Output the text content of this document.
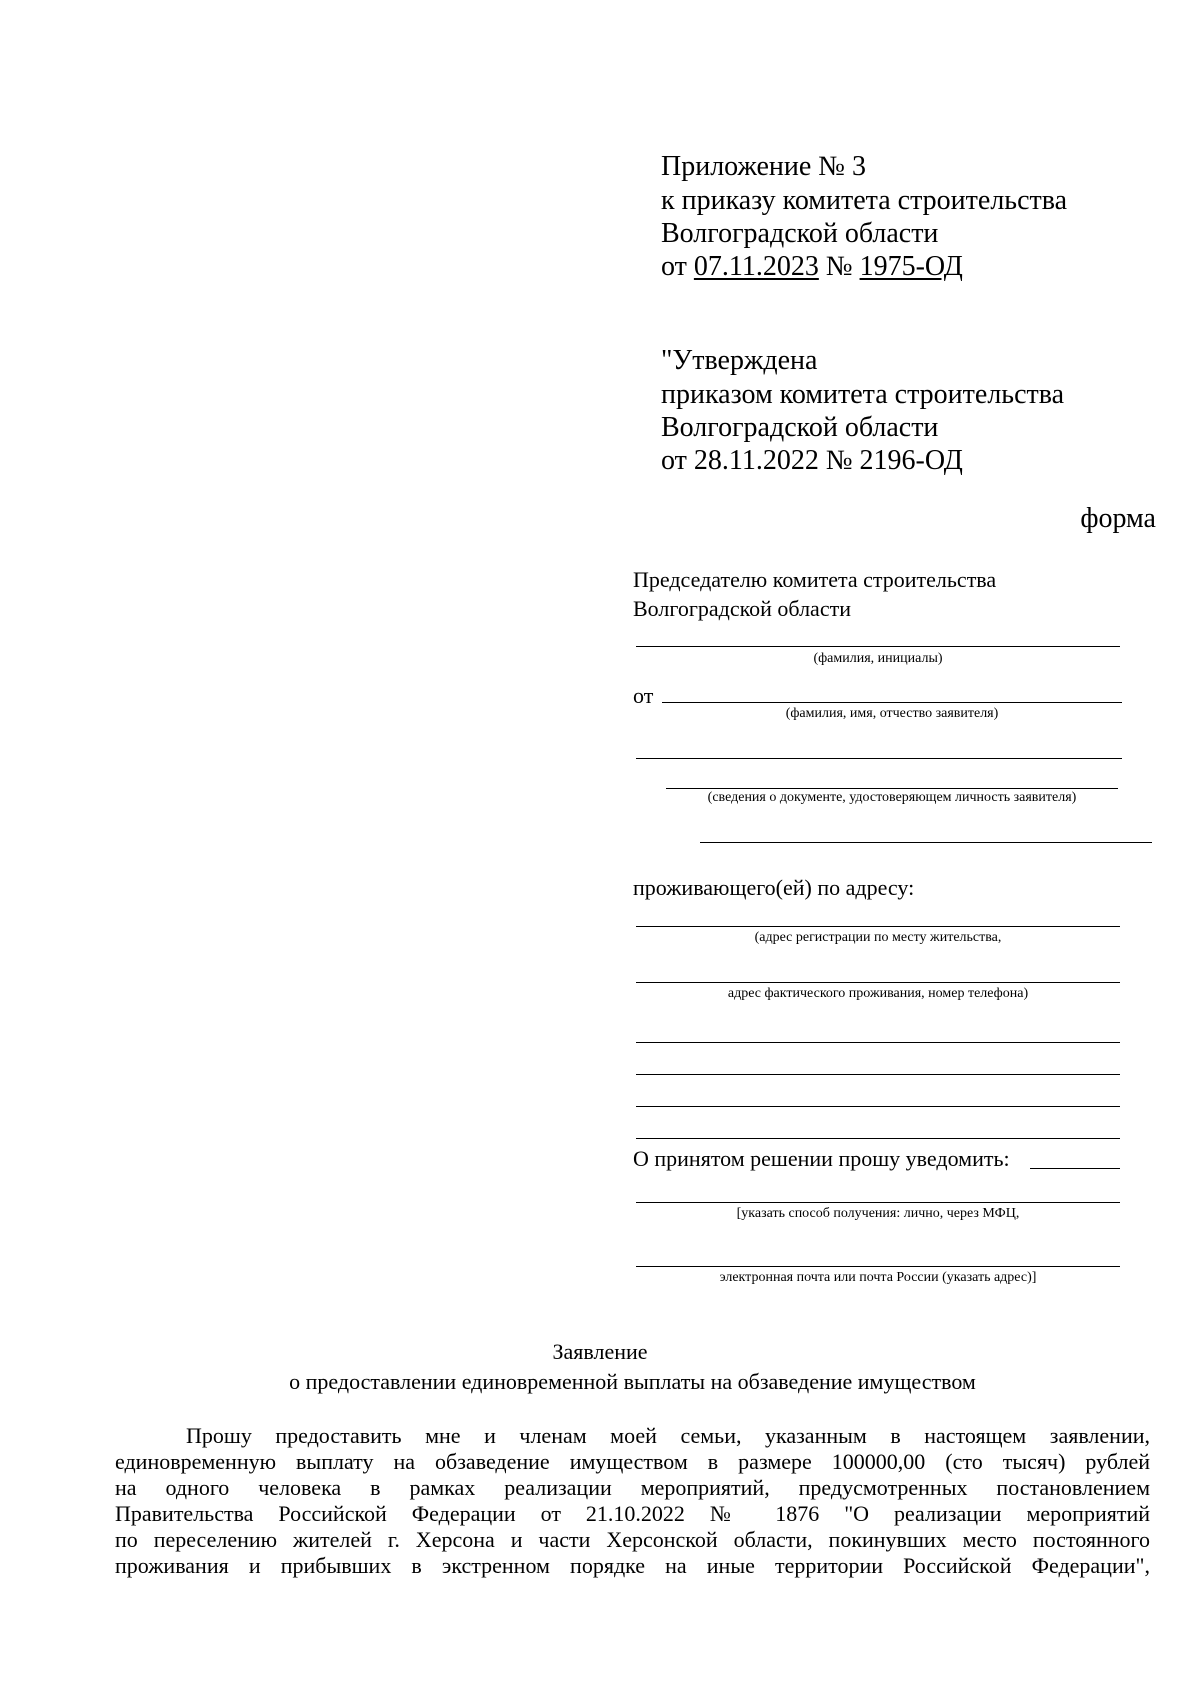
Приложение № 3
к приказу комитета строительства
Волгоградской области
от 07.11.2023 № 1975-ОД
"Утверждена
приказом комитета строительства
Волгоградской области
от 28.11.2022 № 2196-ОД
форма
Председателю комитета строительства
Волгоградской области
(фамилия, инициалы)
от
(фамилия, имя, отчество заявителя)
(сведения о документе, удостоверяющем личность заявителя)
проживающего(ей) по адресу:
(адрес регистрации по месту жительства,
адрес фактического проживания, номер телефона)
О принятом решении прошу уведомить:
[указать способ получения: лично, через МФЦ,
электронная почта или почта России (указать адрес)]
Заявление
о предоставлении единовременной выплаты на обзаведение имуществом
Прошу предоставить мне и членам моей семьи, указанным в настоящем заявлении,
единовременную выплату на обзаведение имуществом в размере 100000,00 (сто тысяч) рублей
на одного человека в рамках реализации мероприятий, предусмотренных постановлением
Правительства Российской Федерации от 21.10.2022 № 1876 "О реализации мероприятий
по переселению жителей г. Херсона и части Херсонской области, покинувших место постоянного
проживания и прибывших в экстренном порядке на иные территории Российской Федерации",
